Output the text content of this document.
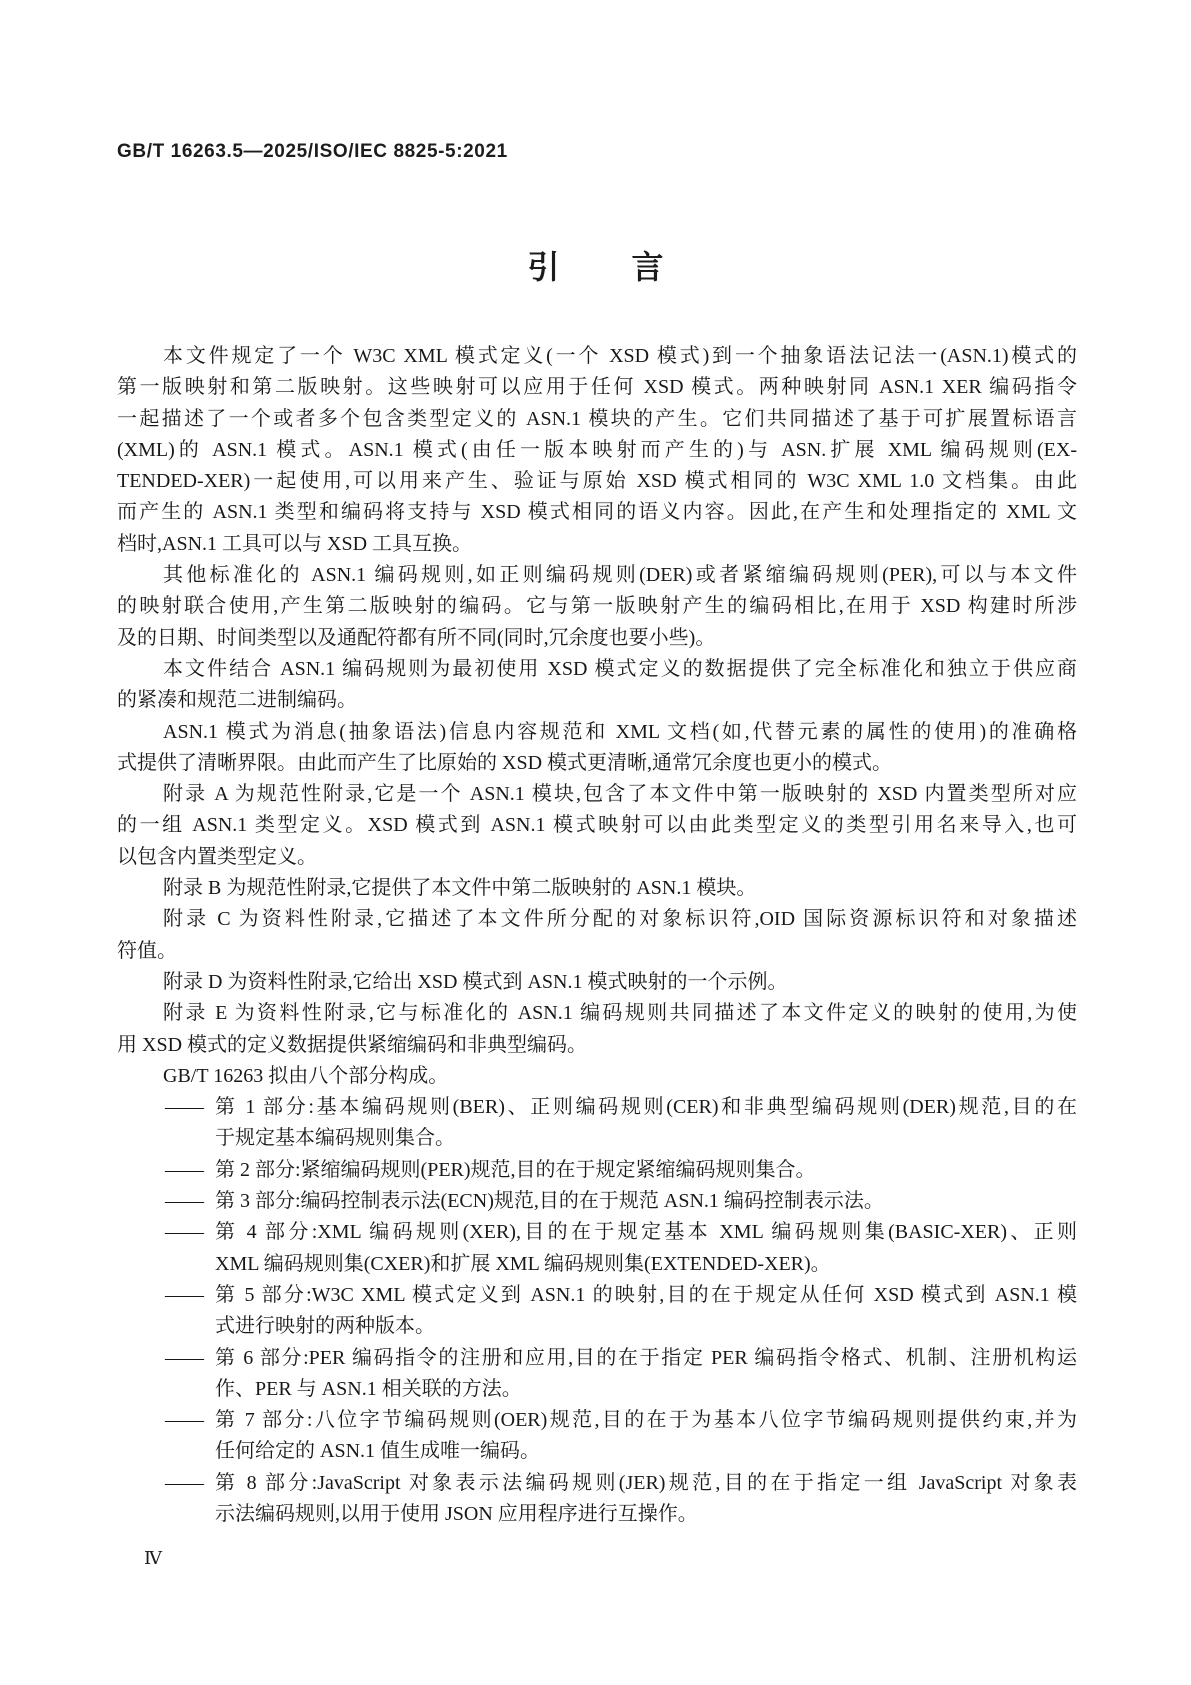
GB/T 16263.5—2025/ISO/IEC 8825-5:2021
引言
本文件规定了一个 W3C XML 模式定义(一个 XSD 模式)到一个抽象语法记法一(ASN.1)模式的
第一版映射和第二版映射。这些映射可以应用于任何 XSD 模式。两种映射同 ASN.1 XER 编码指令
一起描述了一个或者多个包含类型定义的 ASN.1 模块的产生。它们共同描述了基于可扩展置标语言
(XML)的 ASN.1 模式。ASN.1 模式(由任一版本映射而产生的)与 ASN.扩展 XML 编码规则(EX-
TENDED-XER)一起使用,可以用来产生、验证与原始 XSD 模式相同的 W3C XML 1.0 文档集。由此
而产生的 ASN.1 类型和编码将支持与 XSD 模式相同的语义内容。因此,在产生和处理指定的 XML 文
档时,ASN.1 工具可以与 XSD 工具互换。
其他标准化的 ASN.1 编码规则,如正则编码规则(DER)或者紧缩编码规则(PER),可以与本文件
的映射联合使用,产生第二版映射的编码。它与第一版映射产生的编码相比,在用于 XSD 构建时所涉
及的日期、时间类型以及通配符都有所不同(同时,冗余度也要小些)。
本文件结合 ASN.1 编码规则为最初使用 XSD 模式定义的数据提供了完全标准化和独立于供应商
的紧凑和规范二进制编码。
ASN.1 模式为消息(抽象语法)信息内容规范和 XML 文档(如,代替元素的属性的使用)的准确格
式提供了清晰界限。由此而产生了比原始的 XSD 模式更清晰,通常冗余度也更小的模式。
附录 A 为规范性附录,它是一个 ASN.1 模块,包含了本文件中第一版映射的 XSD 内置类型所对应
的一组 ASN.1 类型定义。XSD 模式到 ASN.1 模式映射可以由此类型定义的类型引用名来导入,也可
以包含内置类型定义。
附录 B 为规范性附录,它提供了本文件中第二版映射的 ASN.1 模块。
附录 C 为资料性附录,它描述了本文件所分配的对象标识符,OID 国际资源标识符和对象描述
符值。
附录 D 为资料性附录,它给出 XSD 模式到 ASN.1 模式映射的一个示例。
附录 E 为资料性附录,它与标准化的 ASN.1 编码规则共同描述了本文件定义的映射的使用,为使
用 XSD 模式的定义数据提供紧缩编码和非典型编码。
GB/T 16263 拟由八个部分构成。
—— 第 1 部分:基本编码规则(BER)、正则编码规则(CER)和非典型编码规则(DER)规范,目的在
于规定基本编码规则集合。
—— 第 2 部分:紧缩编码规则(PER)规范,目的在于规定紧缩编码规则集合。
—— 第 3 部分:编码控制表示法(ECN)规范,目的在于规范 ASN.1 编码控制表示法。
—— 第 4 部分:XML 编码规则(XER),目的在于规定基本 XML 编码规则集(BASIC-XER)、正则
XML 编码规则集(CXER)和扩展 XML 编码规则集(EXTENDED-XER)。
—— 第 5 部分:W3C XML 模式定义到 ASN.1 的映射,目的在于规定从任何 XSD 模式到 ASN.1 模
式进行映射的两种版本。
—— 第 6 部分:PER 编码指令的注册和应用,目的在于指定 PER 编码指令格式、机制、注册机构运
作、PER 与 ASN.1 相关联的方法。
—— 第 7 部分:八位字节编码规则(OER)规范,目的在于为基本八位字节编码规则提供约束,并为
任何给定的 ASN.1 值生成唯一编码。
—— 第 8 部分:JavaScript 对象表示法编码规则(JER)规范,目的在于指定一组 JavaScript 对象表
示法编码规则,以用于使用 JSON 应用程序进行互操作。
Ⅳ
